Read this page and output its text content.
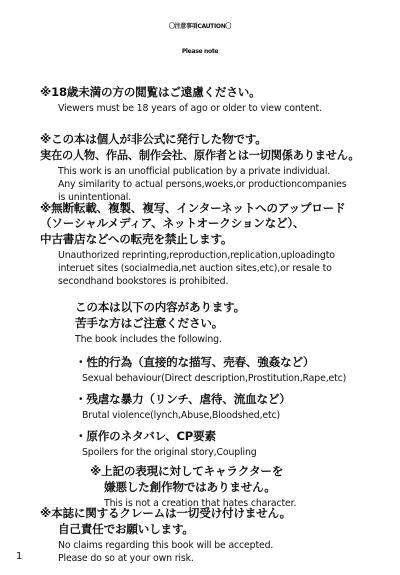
〇注意事項CAUTION〇
Please note
※18歳未満の方の閲覧はご遠慮ください。
Viewers must be 18 years of ago or older to view content.
※この本は個人が非公式に発行した物です。
実在の人物、作品、制作会社、原作者とは一切関係ありません。
This work is an unofficial publication by a private individual.
Any similarity to actual persons,woeks,or productioncompanies
is unintentional.
※無断転載、複製、複写、インターネットへのアップロード
（ソーシャルメディア、ネットオークションなど）、
中古書店などへの転売を禁止します。
Unauthorized reprinting,reproduction,replication,uploadingto
interuet sites (socialmedia,net auction sites,etc),or resale to
secondhand bookstores is prohibited.
この本は以下の内容があります。
苦手な方はご注意ください。
The book includes the following.
・性的行為（直接的な描写、売春、強姦など）
Sexual behaviour(Direct description,Prostitution,Rape,etc)
・残虐な暴力（リンチ、虐待、流血など）
Brutal violence(lynch,Abuse,Bloodshed,etc)
・原作のネタバレ、CP要素
Spoilers for the original story,Coupling
※上記の表現に対してキャラクターを
嫌悪した創作物ではありません。
This is not a creation that hates character.
※本誌に関するクレームは一切受け付けません。
自己責任でお願いします。
No claims regarding this book will be accepted.
Please do so at your own risk.
1
